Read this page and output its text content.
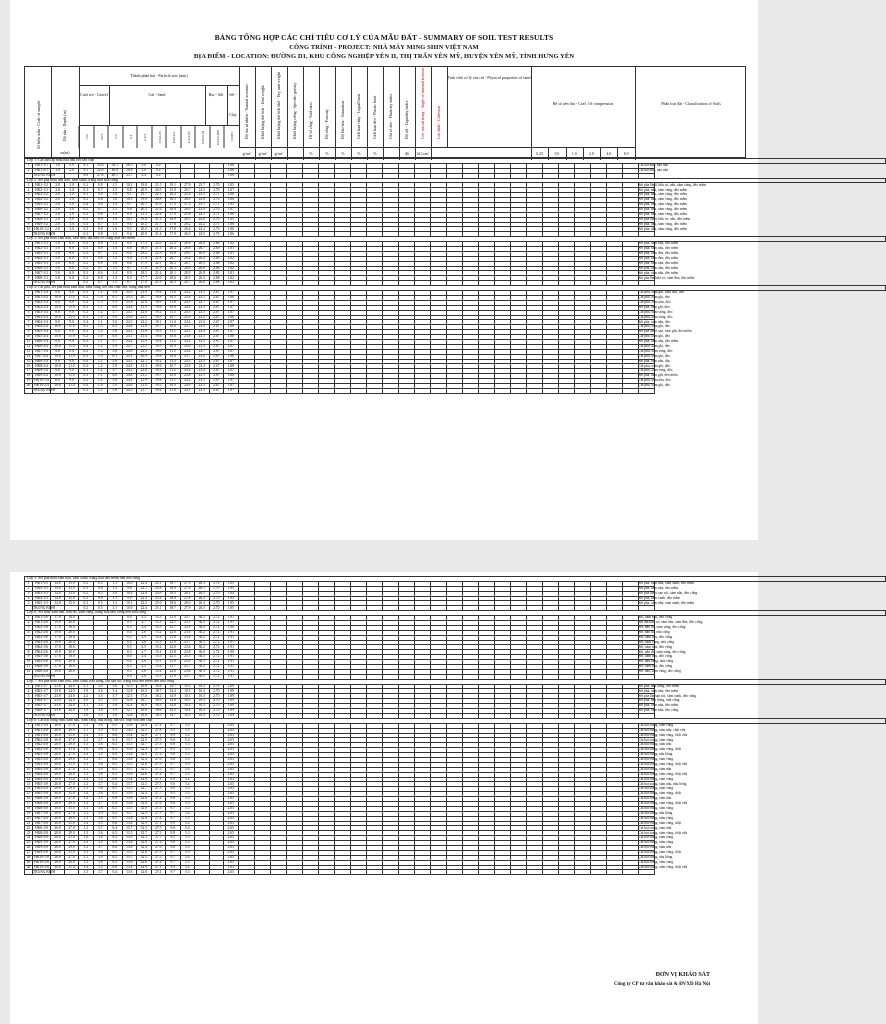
BẢNG TỔNG HỢP CÁC CHỈ TIÊU CƠ LÝ CỦA MẪU ĐẤT - SUMMARY OF SOIL TEST RESULTS
CÔNG TRÌNH - PROJECT: NHÀ MÁY MING SHIN VIỆT NAM
ĐỊA ĐIỂM - LOCATION: ĐƯỜNG D1, KHU CÔNG NGHIỆP YÊN II, THỊ TRẤN YÊN MỸ, HUYỆN YÊN MỸ, TỈNH HƯNG YÊN
Số hiệu mẫu - Code of sample	Độ sâu - Depth (m)
m(m)
Thành phần hạt - Particle size (mm)
Cuội sỏi - Gravel	Cát - Sand	Bụi - Silt	Sét - Clay
>10	10-5	5-2	2-1	1-0.5	0.5-0.25	0.25-0.1	0.1-0.05	0.05-0.01	0.01-0.005	<0.005	Độ ẩm tự nhiên - Natural moisture	Khối lượng thể tích - Unit weight	Khối lượng thể tích khô - Dry unit weight	Khối lượng riêng - Specific gravity	Hệ số rỗng - Void ratio	Độ rỗng - Porosity	Độ bão hòa - Saturation	Giới hạn chảy - Liquid limit	Giới hạn dẻo - Plastic limit	Chỉ số dẻo - Plasticity index	Độ sệt - Liquidity index	Góc ma sát trong - Angle of internal friction	Lực dính - Cohesion
Tính chất cơ lý của cát - Physical properties of sand
Hệ số nén lún - Coef. Of compression	Phân loại đất - Classification of Soils
0.25	0.5	1.0	2.0	4.0	8.0
g/cm³	g/cm³	g/cm³	%	%	%	%	%	độ	kG/cm²
Lớp 1: Cát san lấp màu nâu nâu kết cấu chặt																																								
1	HK1-1/1	1.8	2.0	8.1	33.6	34.1	28.5	3.8	0.2					1.66																										Cát hạt nhỏ, nâu nâu
2	HK1-2/1	1.8	2.0	9.1	22.0	46.0	18.8	1.0	0.2					1.66																										Cát hạt nhỏ, nâu nâu
	TRUNG BÌNH			8.6	27.8	40.1	23.7	2.4	0.2					1.66																										
Lớp 2: Sét pha màu nâu nâu, xám xanh, trạng thái nửa cứng																																								
1	HK1-1/2	2.8	3.0	0.2	0.8	1.5	10.2	19.8	21.5	19.1	27.9	25.7	2.70	1.85																										Sét pha lẫn ít hữu cơ, nâu, xám vàng, dẻo mềm
2	HK2-1/2	2.8	3.0	0.3	0.7	1.5	8.8	20.5	20.5	15.9	26.7	24.5	2.70	1.87																										Sét pha, nâu, xám vàng, dẻo mềm
3	HK3-1/2	2.8	3.0	0.1	0.9	1.8	9.1	19.7	22.1	18.2	25.4	23.5	2.71	1.88																										Sét pha, nâu, xám vàng, dẻo mềm
4	HK4-1/2	2.8	3.0	0.2	0.8	1.6	10.5	19.0	20.8	18.5	26.9	24.8	2.70	1.86																										Sét pha, nâu, xám vàng, dẻo mềm
5	HK5-1/2	2.8	3.0	0.4	0.6	1.4	9.7	20.1	21.0	17.5	27.3	25.1	2.71	1.85																										Sét pha, nâu, xám vàng, dẻo mềm
6	HK6-1/2	2.8	3.0	0.2	0.7	1.5	9.8	20.5	21.6	16.8	26.0	23.9	2.70	1.87																										Sét pha, nâu, xám vàng, dẻo mềm
7	HK7-1/2	2.8	3.0	0.3	0.8	1.3	8.9	21.1	22.4	17.3	25.8	24.1	2.71	1.86																										Sét pha, nâu, xám vàng, dẻo mềm
8	HK8-1/2	2.8	3.0	0.2	0.9	1.6	10.1	19.4	21.3	18.9	26.5	24.6	2.70	1.85																										Sét pha lẫn ít hữu cơ, nâu, dẻo mềm
9	HK9-1/2	2.8	3.0	0.3	0.7	1.5	9.6	20.2	21.7	17.6	26.2	24.2	2.71	1.86																										Sét pha, nâu, xám vàng, dẻo mềm
10	HK10-1/2	2.8	3.0	0.2	0.8	1.6	9.5	20.0	21.5	17.8	26.4	24.4	2.70	1.86																										Sét pha, nâu, xám vàng, dẻo mềm
	TRUNG BÌNH			0.2	0.8	1.5	9.6	20.0	21.4	17.8	26.5	24.5	2.70	1.86																										
Lớp 3: Sét pha màu xám nâu, xám đen, lẫn hữu cơ, trạng thái dẻo mềm																																								
1	HK1-1/3	5.8	6.0	0.2	0.6	1.5	8.5	17.3	22.0	21.3	28.6	26.6	2.68	1.82																										Sét pha, xám nâu, dẻo mềm
2	HK2-1/3	5.8	6.0	0.3	0.8	1.6	8.8	18.0	21.1	20.4	28.8	26.7	2.69	1.81																										Sét pha, xám nâu, dẻo mềm
3	HK3-1/3	5.8	6.0	0.2	0.7	1.4	8.4	18.2	22.3	19.8	29.0	26.9	2.68	1.81																										Sét pha, xám đen, dẻo mềm
4	HK4-1/3	5.8	6.0	0.3	0.6	1.5	9.0	17.6	21.8	20.7	28.4	26.4	2.69	1.82																										Sét pha, xám đen, dẻo mềm
5	HK5-1/3	5.8	6.0	0.2	0.8	1.6	8.6	17.9	22.1	20.2	28.7	26.5	2.68	1.82																										Sét pha, xám nâu, dẻo mềm
6	HK6-1/3	5.8	6.0	0.2	0.7	1.5	8.7	17.8	21.9	20.5	28.6	26.6	2.68	1.82																										Sét pha, xám nâu, dẻo mềm
7	HK7-1/3	5.8	6.0	0.3	0.6	1.4	8.9	18.1	21.6	20.1	28.9	26.8	2.69	1.81																										Sét pha, xám nâu, dẻo mềm
8	HK8-1/3	5.8	6.0	0.2	0.8	1.5	8.5	17.7	22.0	20.6	28.5	26.5	2.68	1.82																										Sét pha lẫn hữu cơ, xám đen, dẻo mềm
	TRUNG BÌNH			0.2	0.7	1.5	8.7	17.8	21.9	20.5	28.7	26.6	2.68	1.82																										
Lớp 4: Cát pha, sét pha màu xám nâu, xám vàng, kết cấu chặt vừa, trạng thái dẻo																																								
1	HK1-1/4	8.8	9.0	0.3	1.2	5.8	24.5	21.9	19.4	11.0	24.2	23.5	2.67	1.87																										Cát pha, xám ghi, xám nâu, dẻo
2	HK1-2/4	10.8	11.0	0.2	1.0	6.1	25.3	20.7	19.8	10.5	23.8	23.1	2.67	1.88																										Cát pha, xám ghi, dẻo
3	HK2-1/4	8.8	9.0	0.4	1.3	5.5	23.8	22.4	18.9	11.6	24.5	23.7	2.67	1.87																										Cát pha, xám nâu, dẻo
4	HK2-2/4	10.8	11.0	0.3	1.1	6.0	24.8	21.3	19.6	10.9	24.0	23.3	2.67	1.87																										Sét pha, xám ghi, dẻo
5	HK3-1/4	8.8	9.0	0.2	1.2	5.7	24.1	22.0	19.2	11.3	24.3	23.5	2.67	1.87																										Cát pha, xám vàng, dẻo
6	HK3-2/4	10.8	11.0	0.3	1.0	5.9	25.0	21.1	19.5	10.7	23.9	23.2	2.67	1.88																										Cát pha, xám vàng, dẻo
7	HK4-1/4	8.8	9.0	0.4	1.1	5.6	24.3	22.2	19.1	11.4	24.4	23.6	2.67	1.87																										Sét pha, xám nâu, dẻo
8	HK4-2/4	10.8	11.0	0.2	1.3	6.2	24.6	21.0	19.7	10.8	23.7	23.0	2.67	1.88																										Cát pha, xám ghi, dẻo
9	HK5-1/4	8.8	9.0	0.3	1.2	5.8	24.2	21.8	19.3	11.1	24.1	23.4	2.67	1.87																										Sét pha lẫn ít sạn, xám ghi, dẻo mềm
10	HK5-2/4	10.8	11.0	0.2	1.0	6.0	25.1	21.4	19.6	10.6	23.8	23.1	2.67	1.88																										Cát pha, xám ghi, dẻo
11	HK6-1/4	8.8	9.0	0.3	1.1	5.7	24.4	21.9	19.4	11.2	24.2	23.5	2.67	1.87																										Sét pha, xám nâu, dẻo mềm
12	HK6-2/4	10.8	11.0	0.4	1.2	5.9	24.7	21.2	19.5	10.9	24.0	23.3	2.67	1.87																										Cát pha, xám ghi, dẻo
13	HK7-1/4	8.8	9.0	0.2	1.3	5.6	24.0	22.3	19.0	11.5	24.4	23.7	2.67	1.87																										Cát pha, xám vàng, dẻo
14	HK7-2/4	10.8	11.0	0.3	1.0	6.1	25.2	20.9	19.8	10.6	23.7	23.0	2.67	1.88																										Cát pha, xám ghi, dẻo
15	HK8-1/4	8.8	9.0	0.4	1.1	5.8	24.3	22.1	19.2	11.3	24.3	23.5	2.67	1.87																										Sét pha, xám nâu, dẻo
16	HK8-2/4	10.8	11.0	0.2	1.2	5.9	24.9	21.3	19.6	10.7	23.9	23.2	2.67	1.88																										Cát pha, xám ghi, dẻo
17	HK9-1/4	8.8	9.0	0.3	1.2	5.7	24.2	22.0	19.3	11.2	24.2	23.4	2.67	1.87																										Cát pha, xám vàng, dẻo
18	HK9-2/4	10.8	11.0	0.3	1.1	6.0	24.8	21.2	19.7	10.8	23.8	23.1	2.67	1.88																										Sét pha, xám ghi, dẻo mềm
19	HK10-1/4	8.8	9.0	0.2	1.2	5.8	24.4	21.9	19.4	11.1	24.2	23.5	2.67	1.87																										Cát pha, xám nâu, dẻo
20	HK10-2/4	10.8	11.0	0.4	1.0	5.9	24.6	21.5	19.5	10.9	24.0	23.3	2.67	1.87																										Cát pha, xám ghi, dẻo
	TRUNG BÌNH			0.3	1.1	5.8	24.5	21.7	19.4	11.0	24.1	23.3	2.67	1.87																										
Lớp 5: Sét pha màu xám nâu, xám xanh, trạng thái dẻo mềm đến dẻo cứng																																								
1	HK1-1/5	14.8	15.0	0.2	0.5	1.1	10.0	22.4	25.1	18.7	27.9	26.3	2.70	1.85																										Sét pha, xám nâu, xám xanh, dẻo mềm
2	HK2-1/5	14.8	15.0	0.3	0.6	1.2	9.8	22.1	25.4	18.9	27.6	26.1	2.70	1.85																										Sét pha, xám nâu, dẻo mềm
3	HK3-1/5	14.8	15.0	0.2	0.5	1.0	10.2	22.6	24.9	18.5	28.1	26.5	2.70	1.84																										Sét pha lẫn ít sạn sỏi, xám nâu, dẻo cứng
4	HK4-1/5	14.8	15.0	0.3	0.6	1.1	9.9	22.3	25.2	18.8	27.8	26.2	2.70	1.85																										Sét pha, xám xanh, dẻo mềm
5	HK5-1/5	14.8	15.0	0.2	0.5	1.2	10.1	22.5	25.0	18.6	28.0	26.4	2.70	1.85																										Sét pha, xám nâu, xám xanh, dẻo mềm
	TRUNG BÌNH			0.2	0.5	1.1	10.0	22.4	25.1	18.7	27.9	26.3	2.70	1.85																										
Lớp 6: Sét màu xám nâu, nâu đỏ, xám vàng, trạng thái dẻo cứng đến nửa cứng																																								
1	HK1-1/6	17.8	18.0				0.4	2.5	15.3	21.9	23.7	36.2	2.72	1.91																										Sét, xám nâu, dẻo cứng
2	HK1-2/6	19.8	20.0				0.3	2.7	15.1	22.1	23.5	36.3	2.72	1.91																										Sét lẫn hữu cơ, xám nâu, xám đen, dẻo cứng
3	HK2-1/6	17.8	18.0				0.5	2.4	15.5	21.7	23.9	36.0	2.72	1.90																										Sét, nâu đỏ, xám vàng, dẻo cứng
4	HK2-2/6	19.8	20.0				0.4	2.6	15.2	22.0	23.6	36.2	2.72	1.91																										Sét, nâu đỏ, nửa cứng
5	HK3-1/6	17.8	18.0				0.3	2.5	15.4	21.8	23.8	36.2	2.72	1.91																										Sét, xám nâu, dẻo cứng
6	HK3-2/6	19.8	20.0				0.4	2.6	15.3	21.9	23.7	36.1	2.72	1.91																										Sét, xám vàng, nửa cứng
7	HK4-1/6	17.8	18.0				0.5	2.5	15.2	22.0	23.6	36.2	2.72	1.91																										Sét, xám nâu, dẻo cứng
8	HK4-2/6	19.8	20.0				0.3	2.7	15.4	21.8	23.8	36.0	2.72	1.90																										Sét, nâu đỏ, xám vàng, dẻo cứng
9	HK5-1/6	17.8	18.0				0.4	2.4	15.3	22.1	23.5	36.3	2.72	1.91																										Sét, xám nâu, dẻo cứng
10	HK5-2/6	19.8	20.0				0.4	2.6	15.1	21.9	23.9	36.1	2.72	1.91																										Sét, nâu vàng, nửa cứng
11	HK6-1/6	17.8	18.0				0.5	2.5	15.4	21.7	23.7	36.2	2.72	1.91																										Sét, xám nâu, dẻo cứng
12	HK6-2/6	19.8	20.0				0.3	2.6	15.2	22.0	23.6	36.3	2.72	1.91																										Sét, nâu, xám vàng, dẻo cứng
	TRUNG BÌNH						0.4	2.6	15.3	21.9	23.7	36.2	2.72	1.91																										
Lớp 7: Sét pha màu xám nâu, xám xanh, nâu hồng, lẫn sạn sỏi, trạng thái dẻo mềm đến nửa cứng																																								
1	HK1-1/7	23.8	24.0	2.1	3.4	5.6	12.5	16.8	18.4	14.7	10.2	16.3	2.70	1.89																										Sét pha, nâu hồng, dẻo mềm
2	HK2-1/7	23.8	24.0	1.9	3.6	5.4	12.8	16.5	18.7	14.4	10.5	16.2	2.70	1.89																										Sét pha, xám nâu, dẻo mềm
3	HK3-1/7	23.8	24.0	2.2	3.3	5.7	12.3	17.0	18.2	14.9	10.1	16.3	2.70	1.89																										Sét pha lẫn sạn sỏi, xám xanh, dẻo cứng
4	HK4-1/7	23.8	24.0	2.0	3.5	5.5	12.6	16.7	18.5	14.6	10.3	16.3	2.70	1.89																										Sét pha, nâu hồng, nửa cứng
5	HK5-1/7	23.8	24.0	2.1	3.4	5.6	12.4	16.9	18.3	14.8	10.2	16.3	2.70	1.89																										Sét pha, xám nâu, dẻo mềm
6	HK6-1/7	23.8	24.0	1.9	3.6	5.5	12.7	16.6	18.6	14.5	10.4	16.2	2.70	1.89																										Sét pha, xám nâu, dẻo cứng
	TRUNG BÌNH			2.0	3.5	5.6	12.6	16.8	18.5	14.7	10.3	16.3	2.70	1.89																										
Lớp 8: Cát hạt trung màu xám nâu, xám vàng, nâu hồng, lẫn sỏi, chặt vừa đến chặt																																								
1	HK1-1/8	26.8	27.0	1.3	3.6	6.5	13.6	32.6	27.4	9.7	5.3			2.65																										Cát hạt trung, xám vàng
2	HK1-2/8	28.8	29.0	1.1	3.9	6.2	14.0	32.2	27.8	9.5	5.3			2.65																										Cát hạt trung, xám nâu, chặt vừa
3	HK1-3/8	30.8	31.0	1.4	3.5	6.6	13.4	32.9	27.1	9.9	5.2			2.65																										Cát hạt trung, xám vàng, chặt vừa
4	HK2-1/8	26.8	27.0	1.2	3.7	6.4	13.7	32.5	27.5	9.6	5.4			2.65																										Cát hạt trung, xám vàng
5	HK2-2/8	28.8	29.0	1.3	3.6	6.5	13.5	32.7	27.3	9.8	5.3			2.65																										Cát hạt trung, xám nâu
6	HK2-3/8	30.8	31.0	1.0	3.8	6.3	13.9	32.3	27.7	9.5	5.5			2.65																										Cát hạt trung, xám vàng, chặt
7	HK3-1/8	26.8	27.0	1.4	3.5	6.6	13.6	32.6	27.2	9.8	5.3			2.65																										Cát hạt trung, nâu hồng
8	HK3-2/8	28.8	29.0	1.2	3.7	6.4	13.8	32.4	27.6	9.6	5.3			2.65																										Cát hạt trung, xám vàng
9	HK3-3/8	30.8	31.0	1.3	3.6	6.5	13.5	32.8	27.3	9.7	5.3			2.65																										Cát hạt trung, xám vàng, chặt vừa
10	HK4-1/8	26.8	27.0	1.1	3.9	6.2	13.7	32.5	27.5	9.7	5.4			2.65																										Cát hạt trung, xám nâu
11	HK4-2/8	28.8	29.0	1.3	3.6	6.5	13.6	32.6	27.4	9.7	5.3			2.65																										Cát hạt trung, xám vàng, chặt vừa
12	HK4-3/8	30.8	31.0	1.4	3.5	6.6	13.4	32.9	27.1	9.9	5.2			2.65																										Cát hạt trung, xám vàng
13	HK5-1/8	26.8	27.0	1.2	3.7	6.4	13.7	32.5	27.5	9.6	5.4			2.65																										Cát hạt trung, xám nâu, nâu hồng
14	HK5-2/8	28.8	29.0	1.3	3.6	6.5	13.5	32.7	27.3	9.8	5.3			2.65																										Cát hạt trung, xám vàng
15	HK5-3/8	30.8	31.0	1.0	3.8	6.3	13.9	32.3	27.7	9.5	5.5			2.65																										Cát hạt trung, xám vàng, chặt
16	HK6-1/8	26.8	27.0	1.4	3.5	6.6	13.6	32.6	27.2	9.8	5.3			2.65																										Cát hạt trung, xám nâu
17	HK6-2/8	28.8	29.0	1.2	3.7	6.4	13.8	32.4	27.6	9.6	5.3			2.65																										Cát hạt trung, xám vàng, chặt vừa
18	HK6-3/8	30.8	31.0	1.3	3.6	6.5	13.5	32.8	27.3	9.7	5.3			2.65																										Cát hạt trung, xám vàng
19	HK7-1/8	26.8	27.0	1.1	3.9	6.2	13.7	32.5	27.5	9.7	5.4			2.65																										Cát hạt trung, nâu hồng
20	HK7-2/8	28.8	29.0	1.3	3.6	6.5	13.6	32.6	27.4	9.7	5.3			2.65																										Cát hạt trung, xám vàng
21	HK7-3/8	30.8	31.0	1.4	3.5	6.6	13.4	32.9	27.1	9.9	5.2			2.65																										Cát hạt trung, xám vàng, chặt
22	HK8-1/8	26.8	27.0	1.2	3.7	6.4	13.7	32.5	27.5	9.6	5.4			2.65																										Cát hạt trung, xám nâu
23	HK8-2/8	28.8	29.0	1.3	3.6	6.5	13.5	32.7	27.3	9.8	5.3			2.65																										Cát hạt trung, xám vàng, chặt vừa
24	HK8-3/8	30.8	31.0	1.0	3.8	6.3	13.9	32.3	27.7	9.5	5.5			2.65																										Cát hạt trung, xám vàng
25	HK9-1/8	26.8	27.0	1.4	3.5	6.6	13.6	32.6	27.2	9.8	5.3			2.65																										Cát hạt trung, xám vàng
26	HK9-2/8	28.8	29.0	1.2	3.7	6.4	13.8	32.4	27.6	9.6	5.3			2.65																										Cát hạt trung, xám nâu
27	HK9-3/8	30.8	31.0	1.3	3.6	6.5	13.5	32.8	27.3	9.7	5.3			2.65																										Cát hạt trung, xám vàng, chặt
28	HK10-1/8	26.8	27.0	1.1	3.9	6.2	13.7	32.5	27.5	9.7	5.4			2.65																										Cát hạt trung, nâu hồng
29	HK10-2/8	28.8	29.0	1.3	3.6	6.5	13.6	32.6	27.4	9.7	5.3			2.65																										Cát hạt trung, xám vàng
30	HK10-3/8	30.8	31.0	1.4	3.5	6.6	13.4	32.9	27.1	9.9	5.2			2.65																										Cát hạt trung, xám vàng, chặt vừa
	TRUNG BÌNH			1.3	3.7	6.4	13.6	32.6	27.4	9.7	5.3			2.65																										
ĐƠN VỊ KHẢO SÁT
Công ty CP tư vấn khảo sát & ĐVXD Hà Nội
